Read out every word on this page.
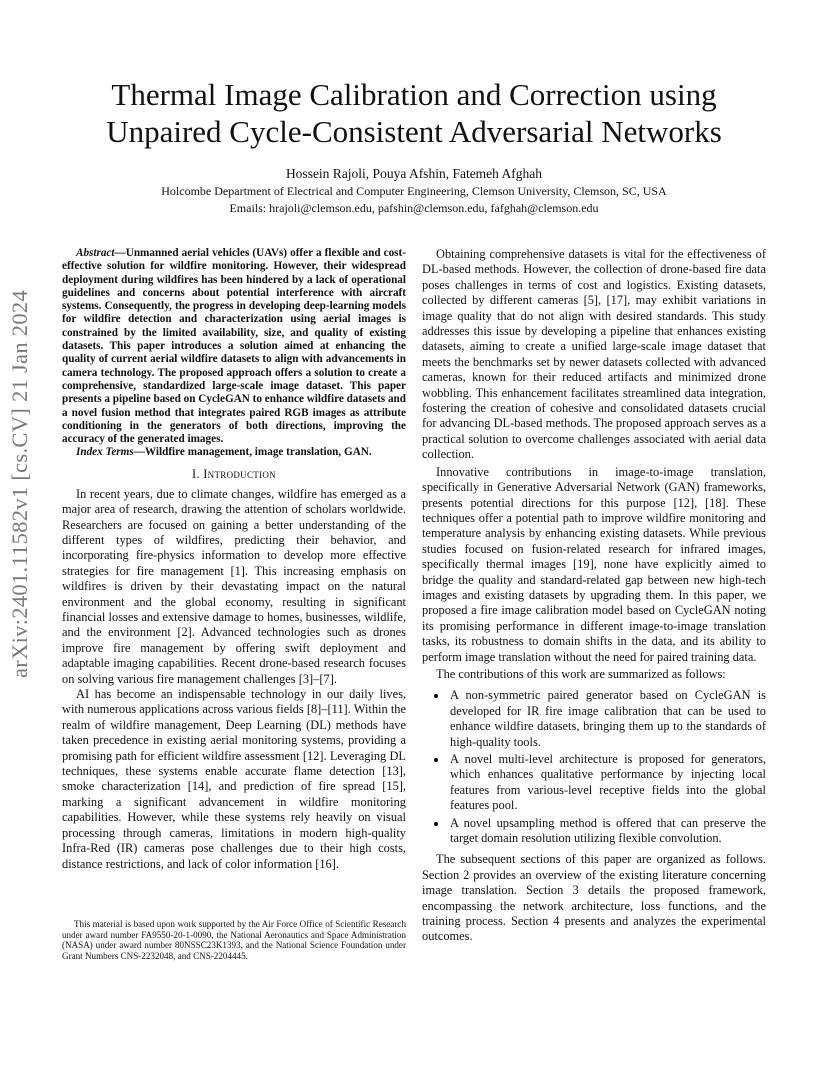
arXiv:2401.11582v1 [cs.CV] 21 Jan 2024
Thermal Image Calibration and Correction using
Unpaired Cycle-Consistent Adversarial Networks
Hossein Rajoli, Pouya Afshin, Fatemeh Afghah
Holcombe Department of Electrical and Computer Engineering, Clemson University, Clemson, SC, USA
Emails: hrajoli@clemson.edu, pafshin@clemson.edu, fafghah@clemson.edu

Abstract—Unmanned aerial vehicles (UAVs) offer a flexible and cost-effective solution for wildfire monitoring. However, their widespread deployment during wildfires has been hindered by a lack of operational guidelines and concerns about potential interference with aircraft systems. Consequently, the progress in developing deep-learning models for wildfire detection and characterization using aerial images is constrained by the limited availability, size, and quality of existing datasets. This paper introduces a solution aimed at enhancing the quality of current aerial wildfire datasets to align with advancements in camera technology. The proposed approach offers a solution to create a comprehensive, standardized large-scale image dataset. This paper presents a pipeline based on CycleGAN to enhance wildfire datasets and a novel fusion method that integrates paired RGB images as attribute conditioning in the generators of both directions, improving the accuracy of the generated images.

Index Terms—Wildfire management, image translation, GAN.

I. Introduction

In recent years, due to climate changes, wildfire has emerged as a major area of research, drawing the attention of scholars worldwide. Researchers are focused on gaining a better understanding of the different types of wildfires, predicting their behavior, and incorporating fire-physics information to develop more effective strategies for fire management [1]. This increasing emphasis on wildfires is driven by their devastating impact on the natural environment and the global economy, resulting in significant financial losses and extensive damage to homes, businesses, wildlife, and the environment [2]. Advanced technologies such as drones improve fire management by offering swift deployment and adaptable imaging capabilities. Recent drone-based research focuses on solving various fire management challenges [3]–[7].

AI has become an indispensable technology in our daily lives, with numerous applications across various fields [8]–[11]. Within the realm of wildfire management, Deep Learning (DL) methods have taken precedence in existing aerial monitoring systems, providing a promising path for efficient wildfire assessment [12]. Leveraging DL techniques, these systems enable accurate flame detection [13], smoke characterization [14], and prediction of fire spread [15], marking a significant advancement in wildfire monitoring capabilities. However, while these systems rely heavily on visual processing through cameras, limitations in modern high-quality Infra-Red (IR) cameras pose challenges due to their high costs, distance restrictions, and lack of color information [16].

This material is based upon work supported by the Air Force Office of Scientific Research under award number FA9550-20-1-0090, the National Aeronautics and Space Administration (NASA) under award number 80NSSC23K1393, and the National Science Foundation under Grant Numbers CNS-2232048, and CNS-2204445.

Obtaining comprehensive datasets is vital for the effectiveness of DL-based methods. However, the collection of drone-based fire data poses challenges in terms of cost and logistics. Existing datasets, collected by different cameras [5], [17], may exhibit variations in image quality that do not align with desired standards. This study addresses this issue by developing a pipeline that enhances existing datasets, aiming to create a unified large-scale image dataset that meets the benchmarks set by newer datasets collected with advanced cameras, known for their reduced artifacts and minimized drone wobbling. This enhancement facilitates streamlined data integration, fostering the creation of cohesive and consolidated datasets crucial for advancing DL-based methods. The proposed approach serves as a practical solution to overcome challenges associated with aerial data collection.

Innovative contributions in image-to-image translation, specifically in Generative Adversarial Network (GAN) frameworks, presents potential directions for this purpose [12], [18]. These techniques offer a potential path to improve wildfire monitoring and temperature analysis by enhancing existing datasets. While previous studies focused on fusion-related research for infrared images, specifically thermal images [19], none have explicitly aimed to bridge the quality and standard-related gap between new high-tech images and existing datasets by upgrading them. In this paper, we proposed a fire image calibration model based on CycleGAN noting its promising performance in different image-to-image translation tasks, its robustness to domain shifts in the data, and its ability to perform image translation without the need for paired training data.

The contributions of this work are summarized as follows:

• A non-symmetric paired generator based on CycleGAN is developed for IR fire image calibration that can be used to enhance wildfire datasets, bringing them up to the standards of high-quality tools.
• A novel multi-level architecture is proposed for generators, which enhances qualitative performance by injecting local features from various-level receptive fields into the global features pool.
• A novel upsampling method is offered that can preserve the target domain resolution utilizing flexible convolution.

The subsequent sections of this paper are organized as follows. Section 2 provides an overview of the existing literature concerning image translation. Section 3 details the proposed framework, encompassing the network architecture, loss functions, and the training process. Section 4 presents and analyzes the experimental outcomes.
